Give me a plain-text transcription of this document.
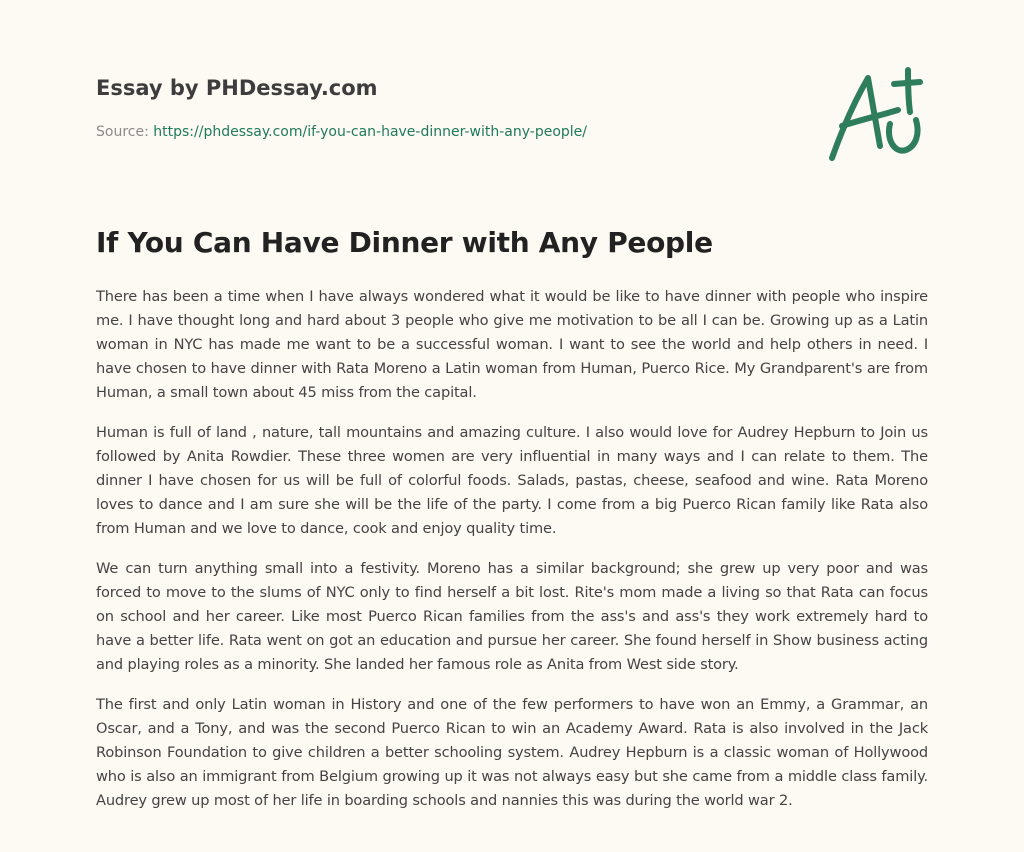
Essay by PHDessay.com

Source: https://phdessay.com/if-you-can-have-dinner-with-any-people/

If You Can Have Dinner with Any People

There has been a time when I have always wondered what it would be like to have dinner with people who inspire me. I have thought long and hard about 3 people who give me motivation to be all I can be. Growing up as a Latin woman in NYC has made me want to be a successful woman. I want to see the world and help others in need. I have chosen to have dinner with Rata Moreno a Latin woman from Human, Puerco Rice. My Grandparent's are from Human, a small town about 45 miss from the capital.

Human is full of land , nature, tall mountains and amazing culture. I also would love for Audrey Hepburn to Join us followed by Anita Rowdier. These three women are very influential in many ways and I can relate to them. The dinner I have chosen for us will be full of colorful foods. Salads, pastas, cheese, seafood and wine. Rata Moreno loves to dance and I am sure she will be the life of the party. I come from a big Puerco Rican family like Rata also from Human and we love to dance, cook and enjoy quality time.

We can turn anything small into a festivity. Moreno has a similar background; she grew up very poor and was forced to move to the slums of NYC only to find herself a bit lost. Rite's mom made a living so that Rata can focus on school and her career. Like most Puerco Rican families from the ass's and ass's they work extremely hard to have a better life. Rata went on got an education and pursue her career. She found herself in Show business acting and playing roles as a minority. She landed her famous role as Anita from West side story.

The first and only Latin woman in History and one of the few performers to have won an Emmy, a Grammar, an Oscar, and a Tony, and was the second Puerco Rican to win an Academy Award. Rata is also involved in the Jack Robinson Foundation to give children a better schooling system. Audrey Hepburn is a classic woman of Hollywood who is also an immigrant from Belgium growing up it was not always easy but she came from a middle class family. Audrey grew up most of her life in boarding schools and nannies this was during the world war 2.
